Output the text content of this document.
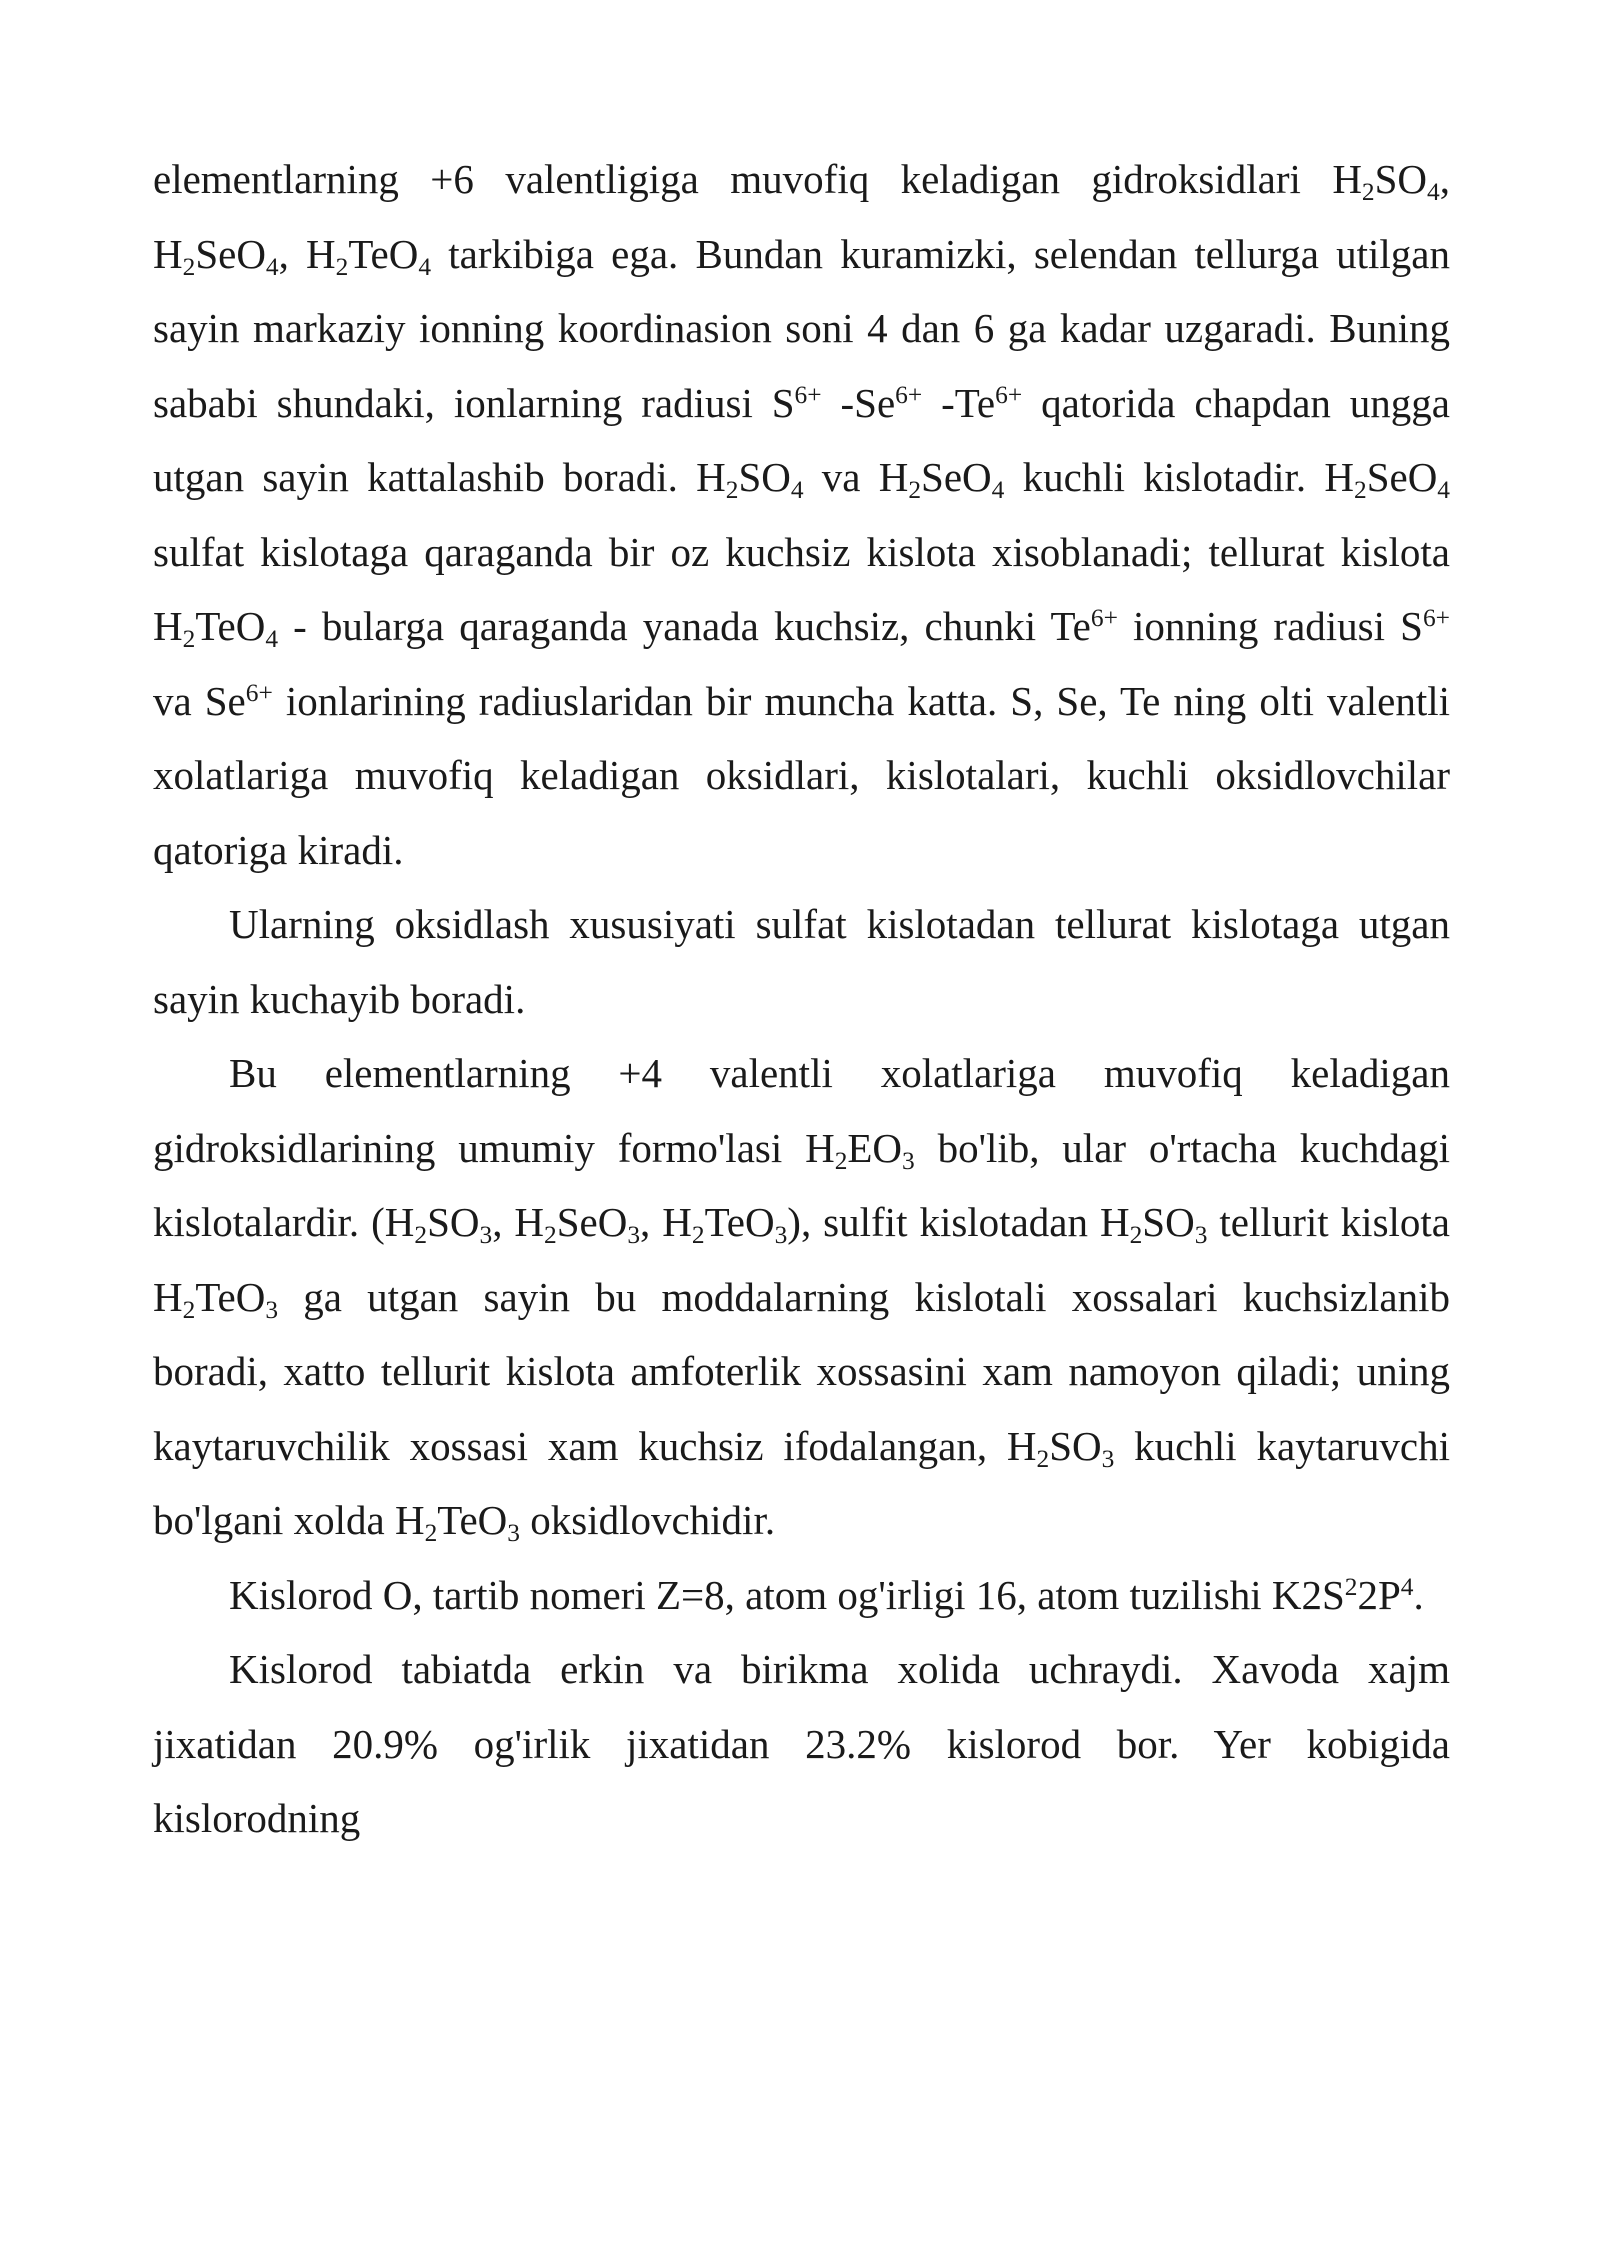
elementlarning +6 valentligiga muvofiq keladigan gidroksidlari $H_2SO_4$, $H_2SeO_4$, $H_2TeO_4$ tarkibiga ega. Bundan kuramizki, selendan tellurga utilgan sayin markaziy ionning koordinasion soni 4 dan 6 ga kadar uzgaradi. Buning sababi shundaki, ionlarning radiusi $S^{6+}$ $-Se^{6+}$ $-Te^{6+}$ qatorida chapdan ungga utgan sayin kattalashib boradi. $H_2SO_4$ va $H_2SeO_4$ kuchli kislotadir. $H_2SeO_4$ sulfat kislotaga qaraganda bir oz kuchsiz kislota xisoblanadi; tellurat kislota $H_2TeO_4$ - bularga qaraganda yanada kuchsiz, chunki $Te^{6+}$ ionning radiusi $S^{6+}$ va $Se^{6+}$ ionlarining radiuslaridan bir muncha katta. S, Se, Te ning olti valentli xolatlariga muvofiq keladigan oksidlari, kislotalari, kuchli oksidlovchilar qatoriga kiradi.

Ularning oksidlash xususiyati sulfat kislotadan tellurat kislotaga utgan sayin kuchayib boradi.

Bu elementlarning +4 valentli xolatlariga muvofiq keladigan gidroksidlarining umumiy formo'lasi $H_2EO_3$ bo'lib, ular o'rtacha kuchdagi kislotalardir. ($H_2SO_3$, $H_2SeO_3$, $H_2TeO_3$), sulfit kislotadan $H_2SO_3$ tellurit kislota $H_2TeO_3$ ga utgan sayin bu moddalarning kislotali xossalari kuchsizlanib boradi, xatto tellurit kislota amfoterlik xossasini xam namoyon qiladi; uning kaytaruvchilik xossasi xam kuchsiz ifodalangan, $H_2SO_3$ kuchli kaytaruvchi bo'lgani xolda $H_2TeO_3$ oksidlovchidir.

Kislorod O, tartib nomeri Z=8, atom og'irligi 16, atom tuzilishi $K2S^22P^4$.

Kislorod tabiatda erkin va birikma xolida uchraydi. Xavoda xajm jixatidan 20.9% og'irlik jixatidan 23.2% kislorod bor. Yer kobigida kislorodning
